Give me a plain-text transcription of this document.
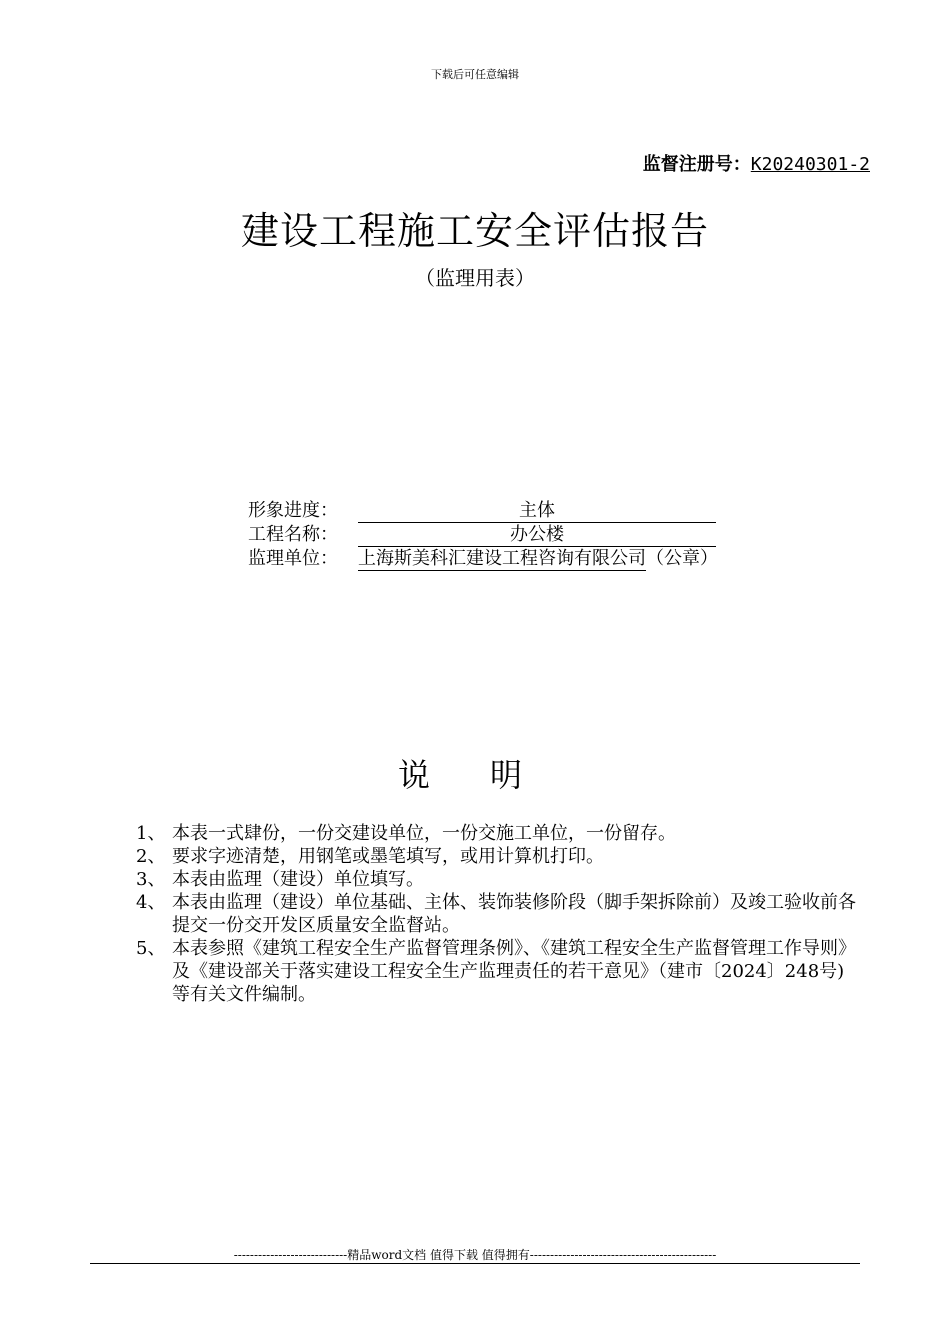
下载后可任意编辑
监督注册号：K20240301-2
建设工程施工安全评估报告
（监理用表）
形象进度：	主体
工程名称：	办公楼
监理单位： 上海斯美科汇建设工程咨询有限公司（公章）
说明
1、 本表一式肆份，一份交建设单位，一份交施工单位，一份留存。
2、 要求字迹清楚，用钢笔或墨笔填写，或用计算机打印。
3、 本表由监理（建设）单位填写。
4、 本表由监理（建设）单位基础、主体、装饰装修阶段（脚手架拆除前）及竣工验收前各提交一份交开发区质量安全监督站。
5、 本表参照《建筑工程安全生产监督管理条例》、《建筑工程安全生产监督管理工作导则》及《建设部关于落实建设工程安全生产监理责任的若干意见》（建市〔2024〕248号)等有关文件编制。
----------------------------精品word文档 值得下载 值得拥有----------------------------------------------
